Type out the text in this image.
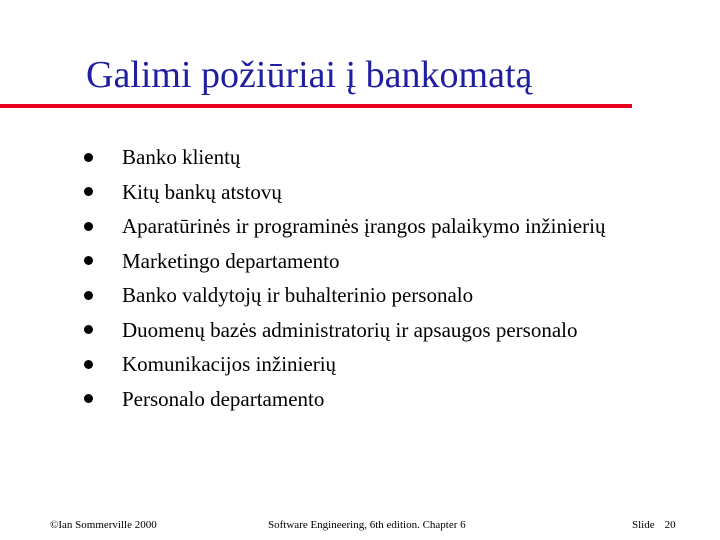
Galimi požiūriai į bankomatą
Banko klientų
Kitų bankų atstovų
Aparatūrinės ir programinės įrangos palaikymo inžinierių
Marketingo departamento
Banko valdytojų ir buhalterinio personalo
Duomenų bazės administratorių ir apsaugos personalo
Komunikacijos inžinierių
Personalo departamento
©Ian Sommerville 2000	Software Engineering, 6th edition. Chapter 6	Slide 20
